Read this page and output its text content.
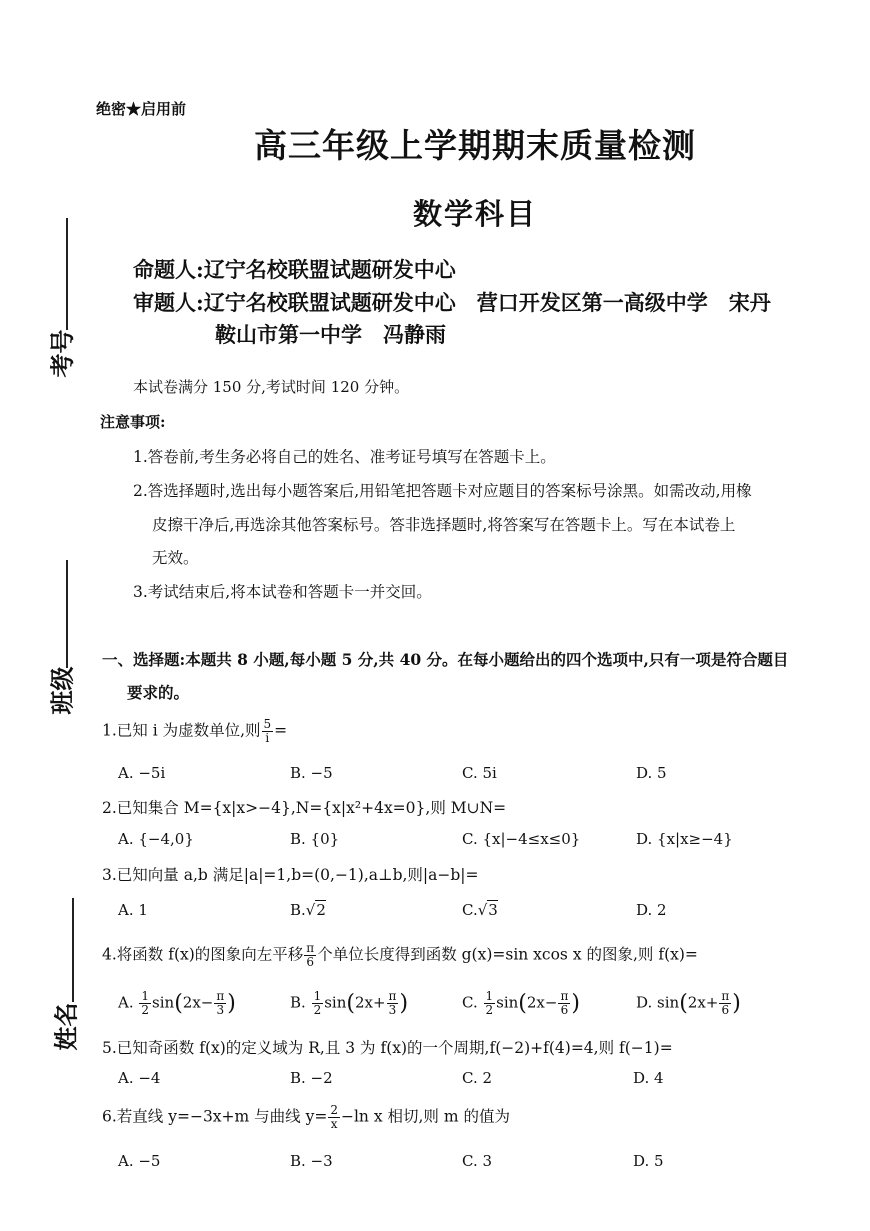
绝密★启用前
高三年级上学期期末质量检测
数学科目
命题人:辽宁名校联盟试题研发中心
审题人:辽宁名校联盟试题研发中心　营口开发区第一高级中学　宋丹
鞍山市第一中学　冯静雨
本试卷满分 150 分,考试时间 120 分钟。
注意事项:
1.答卷前,考生务必将自己的姓名、准考证号填写在答题卡上。
2.答选择题时,选出每小题答案后,用铅笔把答题卡对应题目的答案标号涂黑。如需改动,用橡
皮擦干净后,再选涂其他答案标号。答非选择题时,将答案写在答题卡上。写在本试卷上
无效。
3.考试结束后,将本试卷和答题卡一并交回。
考号
班级
姓名
一、选择题:本题共 8 小题,每小题 5 分,共 40 分。在每小题给出的四个选项中,只有一项是符合题目
要求的。
1.已知 i 为虚数单位,则 $\frac{5}{i}$ =
A. −5i	B. −5	C. 5i	D. 5
2.已知集合 M={x|x>−4},N={x|x²+4x=0},则 M∪N=
A. {−4,0}	B. {0}	C. {x|−4≤x≤0}	D. {x|x≥−4}
3.已知向量 a,b 满足|a|=1,b=(0,−1),a⊥b,则|a−b|=
A. 1	B.√2	C.√3	D. 2
4.将函数 f(x)的图象向左平移 $\frac{\pi}{6}$ 个单位长度得到函数 g(x)=sin xcos x 的图象,则 f(x)=
A. $\frac{1}{2} \sin(2x- \frac{\pi}{3}$ )	B. $\frac{1}{2} \sin(2x+ \frac{\pi}{3}$ )	C. $\frac{1}{2} \sin(2x- \frac{\pi}{6}$ )	D. $\sin(2x+ \frac{\pi}{6}$ )
5.已知奇函数 f(x)的定义域为 R,且 3 为 f(x)的一个周期,f(−2)+f(4)=4,则 f(−1)=
A. −4	B. −2	C. 2	D. 4
6.若直线 y=−3x+m 与曲线 $y= \frac{2}{x} -\ln$ x 相切,则 m 的值为
A. −5	B. −3	C. 3	D. 5
